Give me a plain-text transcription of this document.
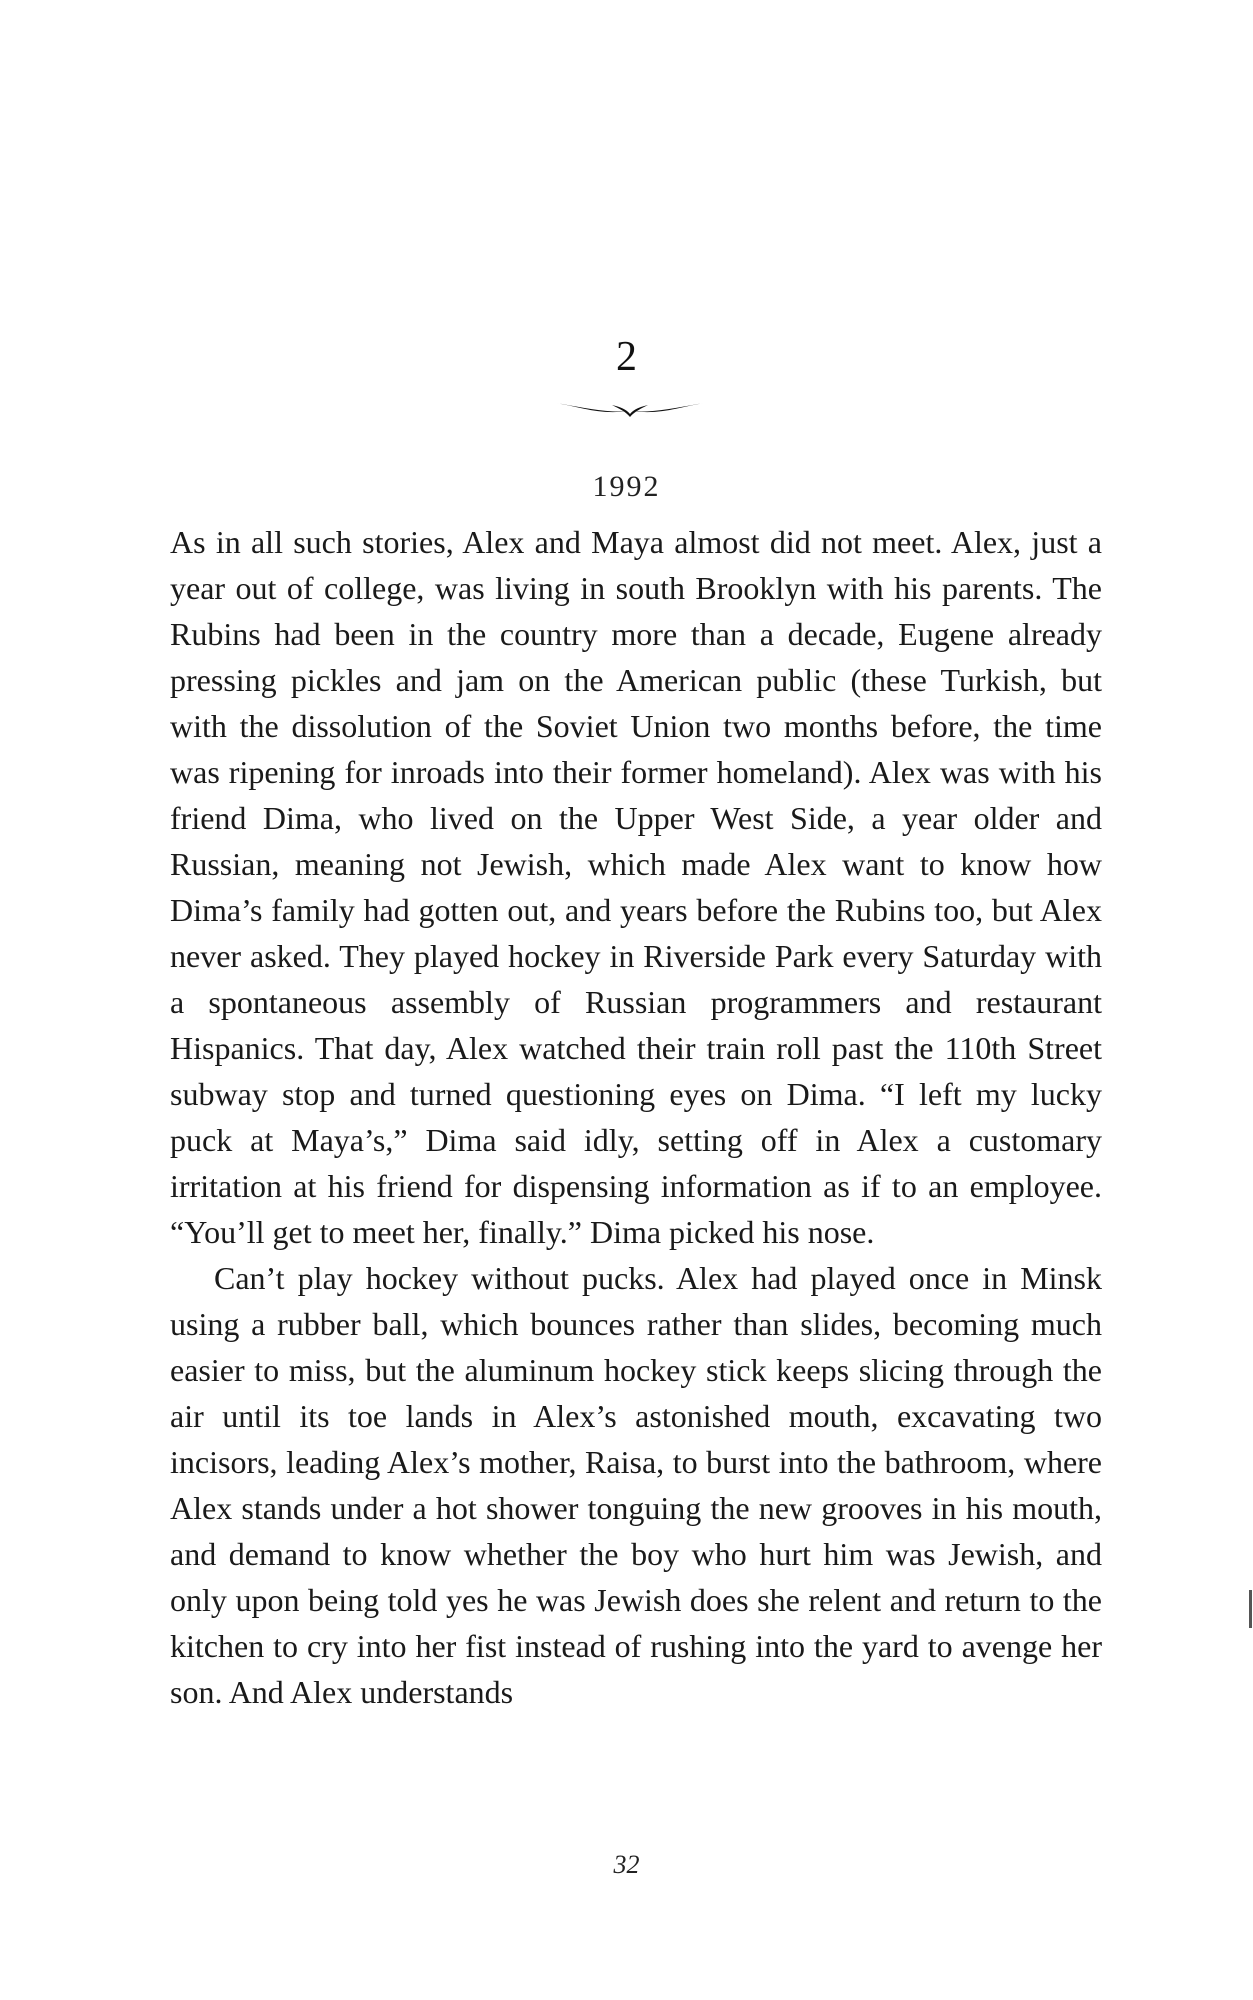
2
1992

As in all such stories, Alex and Maya almost did not meet. Alex, just a year out of college, was living in south Brooklyn with his parents. The Rubins had been in the country more than a decade, Eugene already pressing pickles and jam on the American public (these Turkish, but with the dissolution of the Soviet Union two months before, the time was ripening for inroads into their former homeland). Alex was with his friend Dima, who lived on the Upper West Side, a year older and Russian, meaning not Jewish, which made Alex want to know how Dima’s family had gotten out, and years before the Rubins too, but Alex never asked. They played hockey in Riverside Park every Saturday with a spontaneous assembly of Russian programmers and restaurant Hispanics. That day, Alex watched their train roll past the 110th Street subway stop and turned questioning eyes on Dima. “I left my lucky puck at Maya’s,” Dima said idly, setting off in Alex a customary irritation at his friend for dispensing information as if to an employee. “You’ll get to meet her, finally.” Dima picked his nose.

Can’t play hockey without pucks. Alex had played once in Minsk using a rubber ball, which bounces rather than slides, becoming much easier to miss, but the aluminum hockey stick keeps slicing through the air until its toe lands in Alex’s astonished mouth, excavating two incisors, leading Alex’s mother, Raisa, to burst into the bathroom, where Alex stands under a hot shower tonguing the new grooves in his mouth, and demand to know whether the boy who hurt him was Jewish, and only upon being told yes he was Jewish does she relent and return to the kitchen to cry into her fist instead of rushing into the yard to avenge her son. And Alex understands

32
